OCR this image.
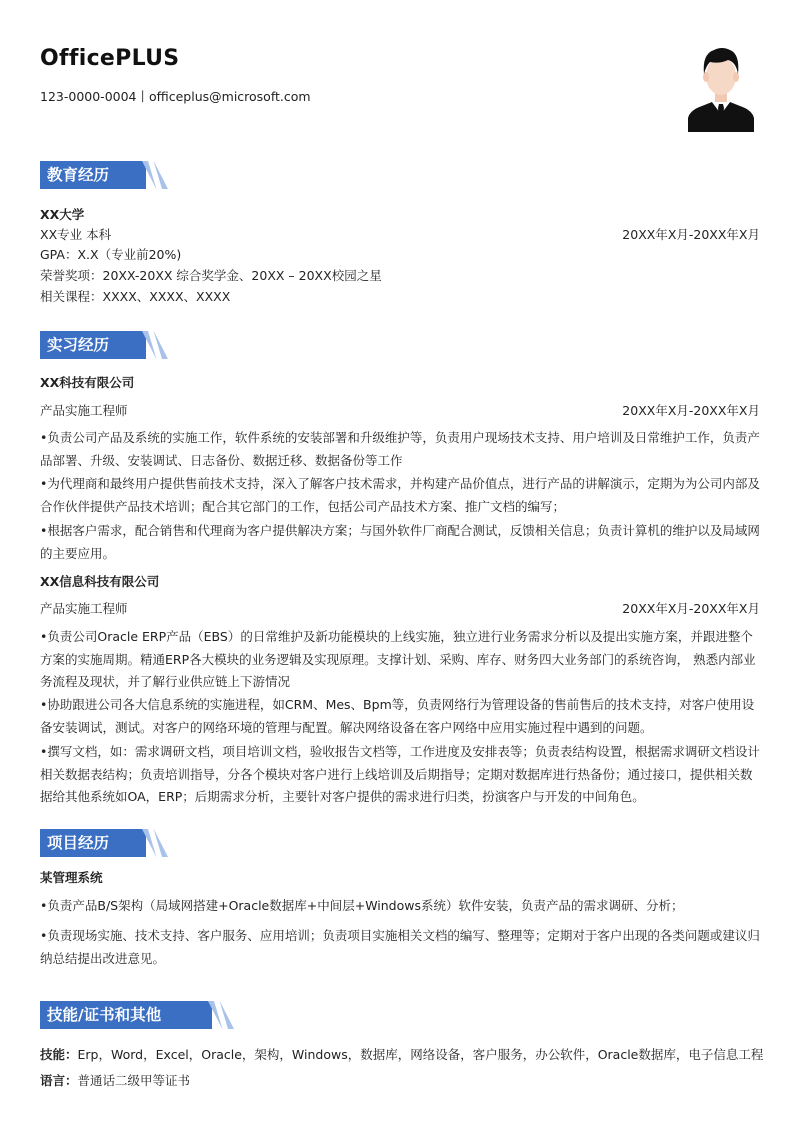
OfficePLUS
123-0000-0004丨officeplus@microsoft.com
教育经历
XX大学
XX专业 本科	20XX年X月-20XX年X月
GPA：X.X（专业前20%)
荣誉奖项：20XX-20XX 综合奖学金、20XX – 20XX校园之星
相关课程：XXXX、XXXX、XXXX
实习经历
XX科技有限公司
产品实施工程师	20XX年X月-20XX年X月
•负责公司产品及系统的实施工作，软件系统的安装部署和升级维护等，负责用户现场技术支持、用户培训及日常维护工作，负责产品部署、升级、安装调试、日志备份、数据迁移、数据备份等工作
•为代理商和最终用户提供售前技术支持，深入了解客户技术需求，并构建产品价值点，进行产品的讲解演示，定期为为公司内部及合作伙伴提供产品技术培训；配合其它部门的工作，包括公司产品技术方案、推广文档的编写；
•根据客户需求，配合销售和代理商为客户提供解决方案；与国外软件厂商配合测试，反馈相关信息；负责计算机的维护以及局域网的主要应用。
XX信息科技有限公司
产品实施工程师	20XX年X月-20XX年X月
•负责公司Oracle ERP产品（EBS）的日常维护及新功能模块的上线实施，独立进行业务需求分析以及提出实施方案，并跟进整个方案的实施周期。精通ERP各大模块的业务逻辑及实现原理。支撑计划、采购、库存、财务四大业务部门的系统咨询， 熟悉内部业务流程及现状，并了解行业供应链上下游情况
•协助跟进公司各大信息系统的实施进程，如CRM、Mes、Bpm等，负责网络行为管理设备的售前售后的技术支持，对客户使用设备安装调试，测试。对客户的网络环境的管理与配置。解决网络设备在客户网络中应用实施过程中遇到的问题。
•撰写文档，如：需求调研文档，项目培训文档，验收报告文档等，工作进度及安排表等；负责表结构设置，根据需求调研文档设计相关数据表结构；负责培训指导，分各个模块对客户进行上线培训及后期指导；定期对数据库进行热备份；通过接口，提供相关数据给其他系统如OA，ERP；后期需求分析，主要针对客户提供的需求进行归类，扮演客户与开发的中间角色。
项目经历
某管理系统
•负责产品B/S架构（局域网搭建+Oracle数据库+中间层+Windows系统）软件安装，负责产品的需求调研、分析；
•负责现场实施、技术支持、客户服务、应用培训；负责项目实施相关文档的编写、整理等；定期对于客户出现的各类问题或建议归纳总结提出改进意见。
技能/证书和其他
技能：Erp，Word，Excel，Oracle，架构，Windows，数据库，网络设备，客户服务，办公软件，Oracle数据库，电子信息工程
语言：普通话二级甲等证书
